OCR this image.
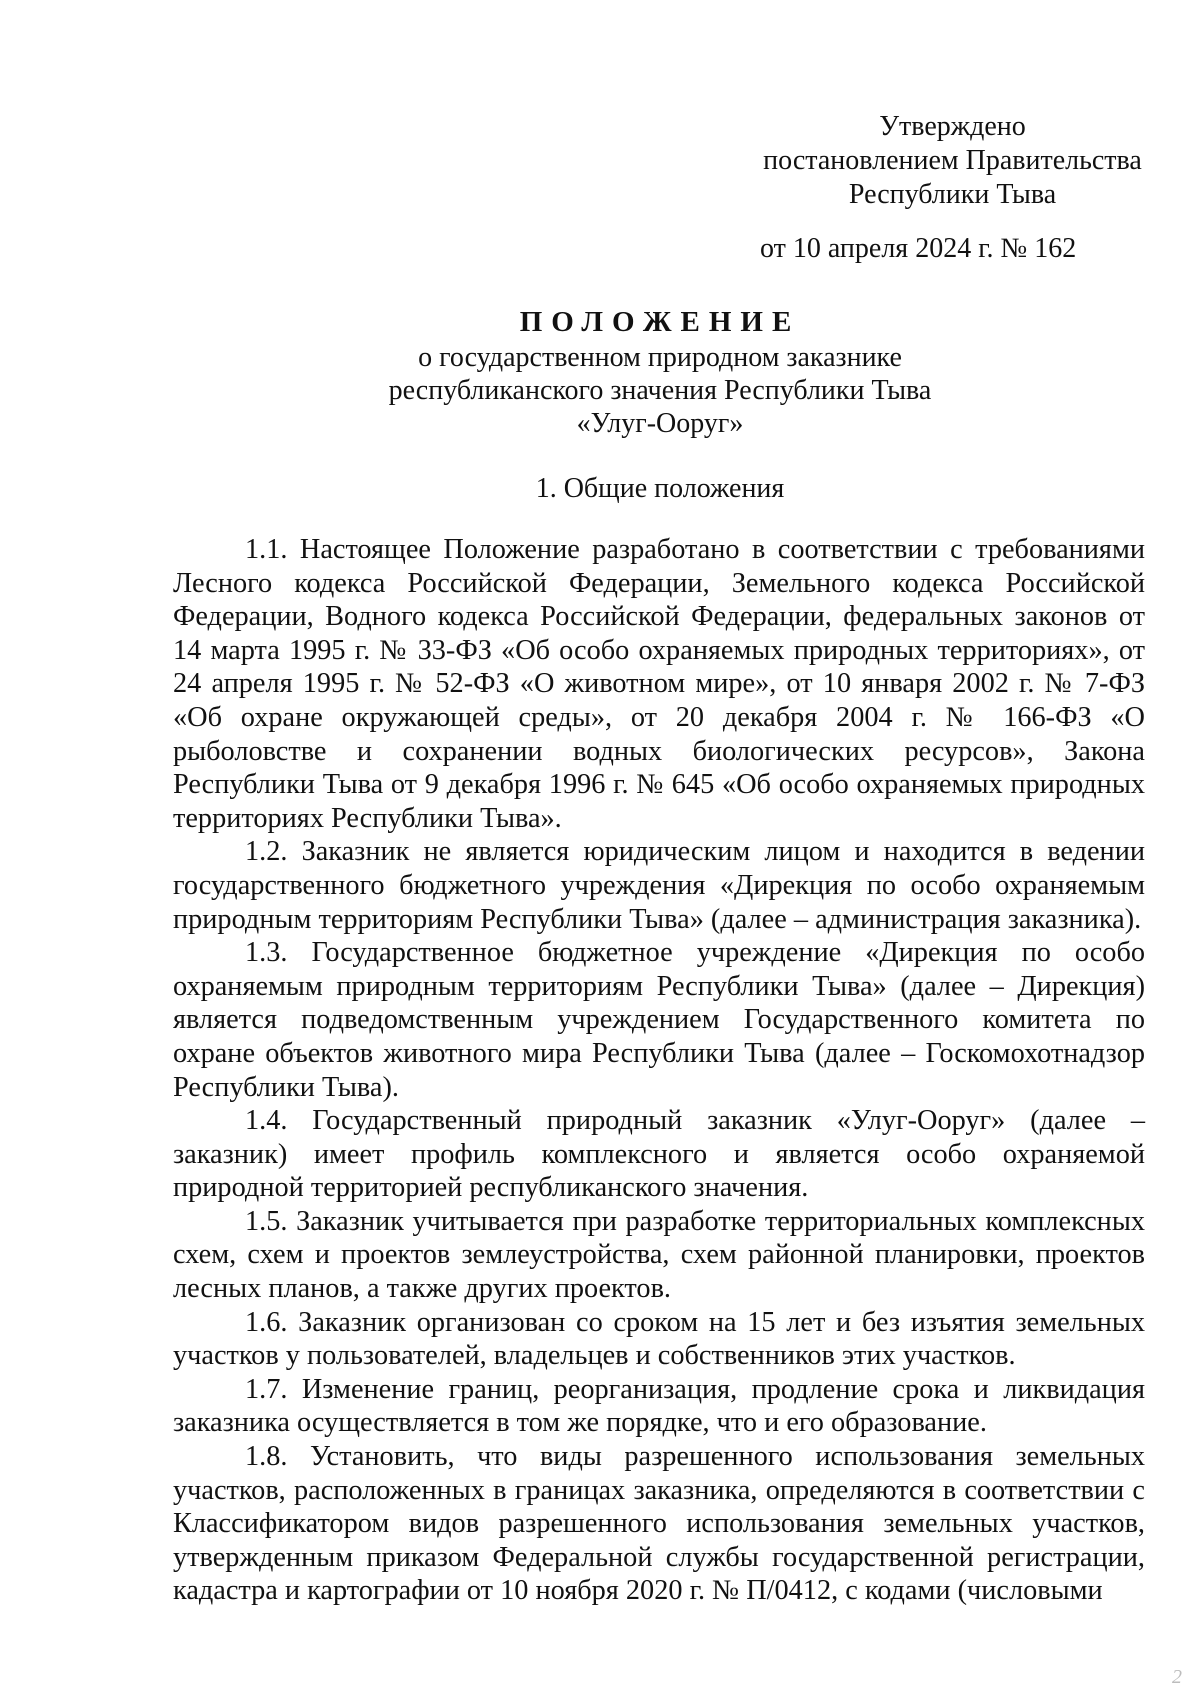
Утверждено
постановлением Правительства
Республики Тыва
от 10 апреля 2024 г. № 162
ПОЛОЖЕНИЕ
о государственном природном заказнике
республиканского значения Республики Тыва
«Улуг-Ооруг»
1. Общие положения

1.1. Настоящее Положение разработано в соответствии с требованиями Лесного кодекса Российской Федерации, Земельного кодекса Российской Федерации, Водного кодекса Российской Федерации, федеральных законов от 14 марта 1995 г. № 33-ФЗ «Об особо охраняемых природных территориях», от 24 апреля 1995 г. № 52-ФЗ «О животном мире», от 10 января 2002 г. № 7-ФЗ «Об охране окружающей среды», от 20 декабря 2004 г. № 166-ФЗ «О рыболовстве и сохранении водных биологических ресурсов», Закона Республики Тыва от 9 декабря 1996 г. № 645 «Об особо охраняемых природных территориях Республики Тыва».

1.2. Заказник не является юридическим лицом и находится в ведении государственного бюджетного учреждения «Дирекция по особо охраняемым природным территориям Республики Тыва» (далее – администрация заказника).

1.3. Государственное бюджетное учреждение «Дирекция по особо охраняемым природным территориям Республики Тыва» (далее – Дирекция) является подведомственным учреждением Государственного комитета по охране объектов животного мира Республики Тыва (далее – Госкомохотнадзор Республики Тыва).

1.4. Государственный природный заказник «Улуг-Ооруг» (далее – заказник) имеет профиль комплексного и является особо охраняемой природной территорией республиканского значения.

1.5. Заказник учитывается при разработке территориальных комплексных схем, схем и проектов землеустройства, схем районной планировки, проектов лесных планов, а также других проектов.

1.6. Заказник организован со сроком на 15 лет и без изъятия земельных участков у пользователей, владельцев и собственников этих участков.

1.7. Изменение границ, реорганизация, продление срока и ликвидация заказника осуществляется в том же порядке, что и его образование.

1.8. Установить, что виды разрешенного использования земельных участков, расположенных в границах заказника, определяются в соответствии с Классификатором видов разрешенного использования земельных участков, утвержденным приказом Федеральной службы государственной регистрации, кадастра и картографии от 10 ноября 2020 г. № П/0412, с кодами (числовыми

2
